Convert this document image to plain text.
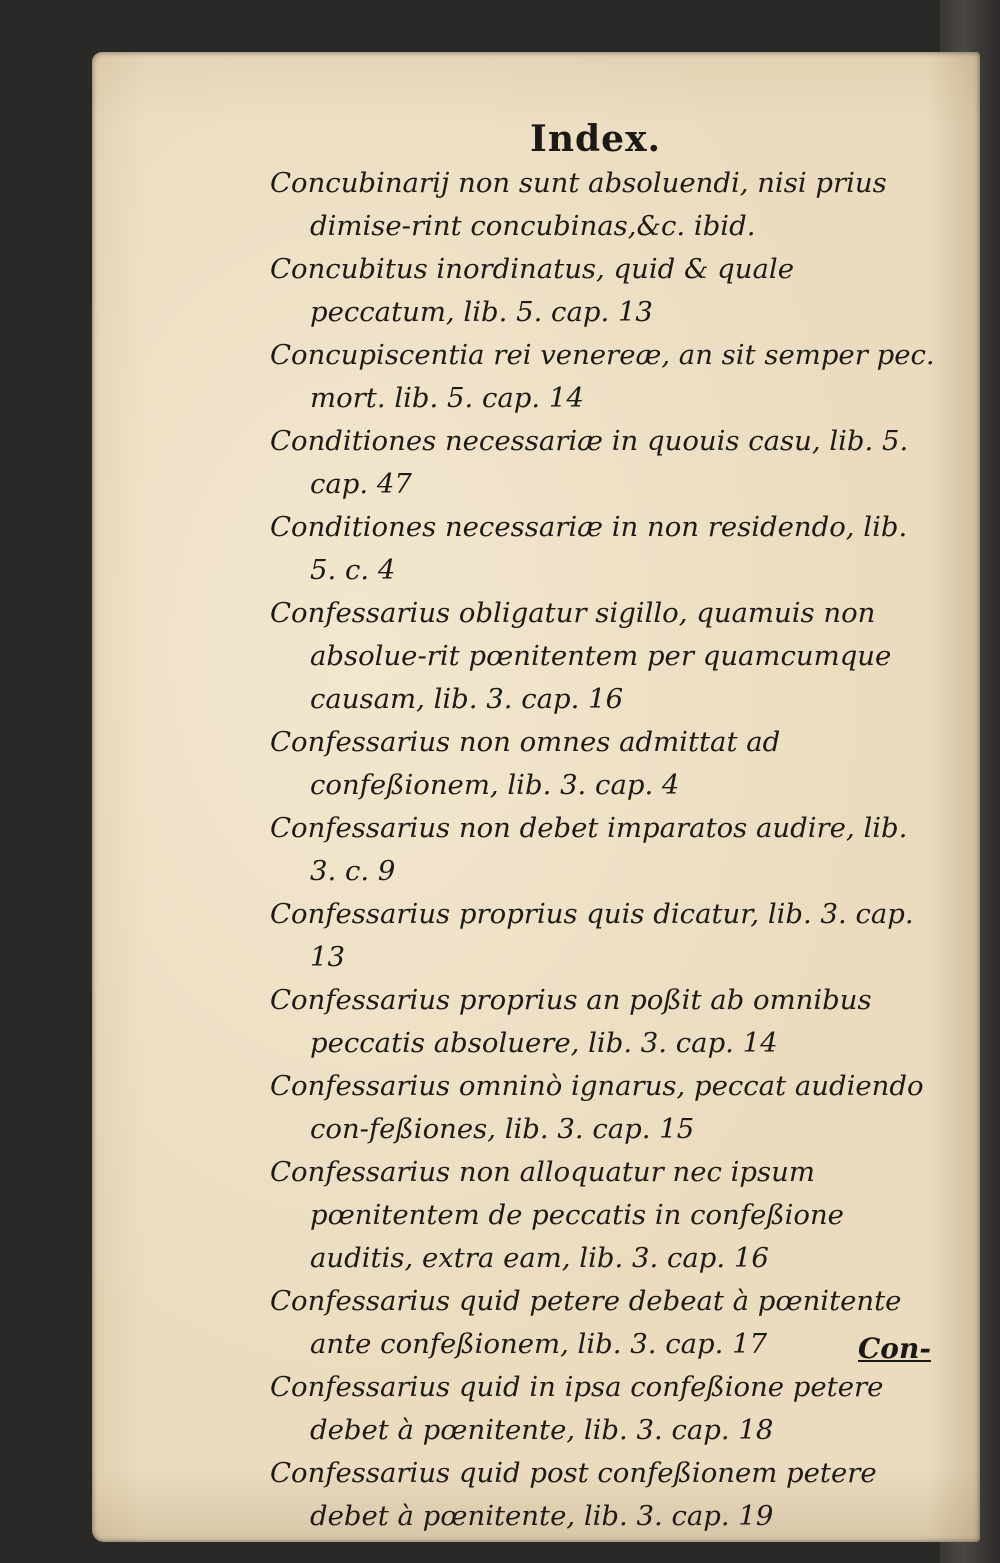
Index.
Concubinarij non sunt absoluendi, nisi prius dimise-rint concubinas,&c. ibid.
Concubitus inordinatus, quid & quale peccatum, lib. 5. cap. 13
Concupiscentia rei venereæ, an sit semper pec. mort. lib. 5. cap. 14
Conditiones necessariæ in quouis casu, lib. 5. cap. 47
Conditiones necessariæ in non residendo, lib. 5. c. 4
Confessarius obligatur sigillo, quamuis non absolue-rit pœnitentem per quamcumque causam, lib. 3. cap. 16
Confessarius non omnes admittat ad confeßionem, lib. 3. cap. 4
Confessarius non debet imparatos audire, lib. 3. c. 9
Confessarius proprius quis dicatur, lib. 3. cap. 13
Confessarius proprius an poßit ab omnibus peccatis absoluere, lib. 3. cap. 14
Confessarius omninò ignarus, peccat audiendo con-feßiones, lib. 3. cap. 15
Confessarius non alloquatur nec ipsum pœnitentem de peccatis in confeßione auditis, extra eam, lib. 3. cap. 16
Confessarius quid petere debeat à pœnitente ante confeßionem, lib. 3. cap. 17
Confessarius quid in ipsa confeßione petere debet à pœnitente, lib. 3. cap. 18
Confessarius quid post confeßionem petere debet à pœnitente, lib. 3. cap. 19
Con-
